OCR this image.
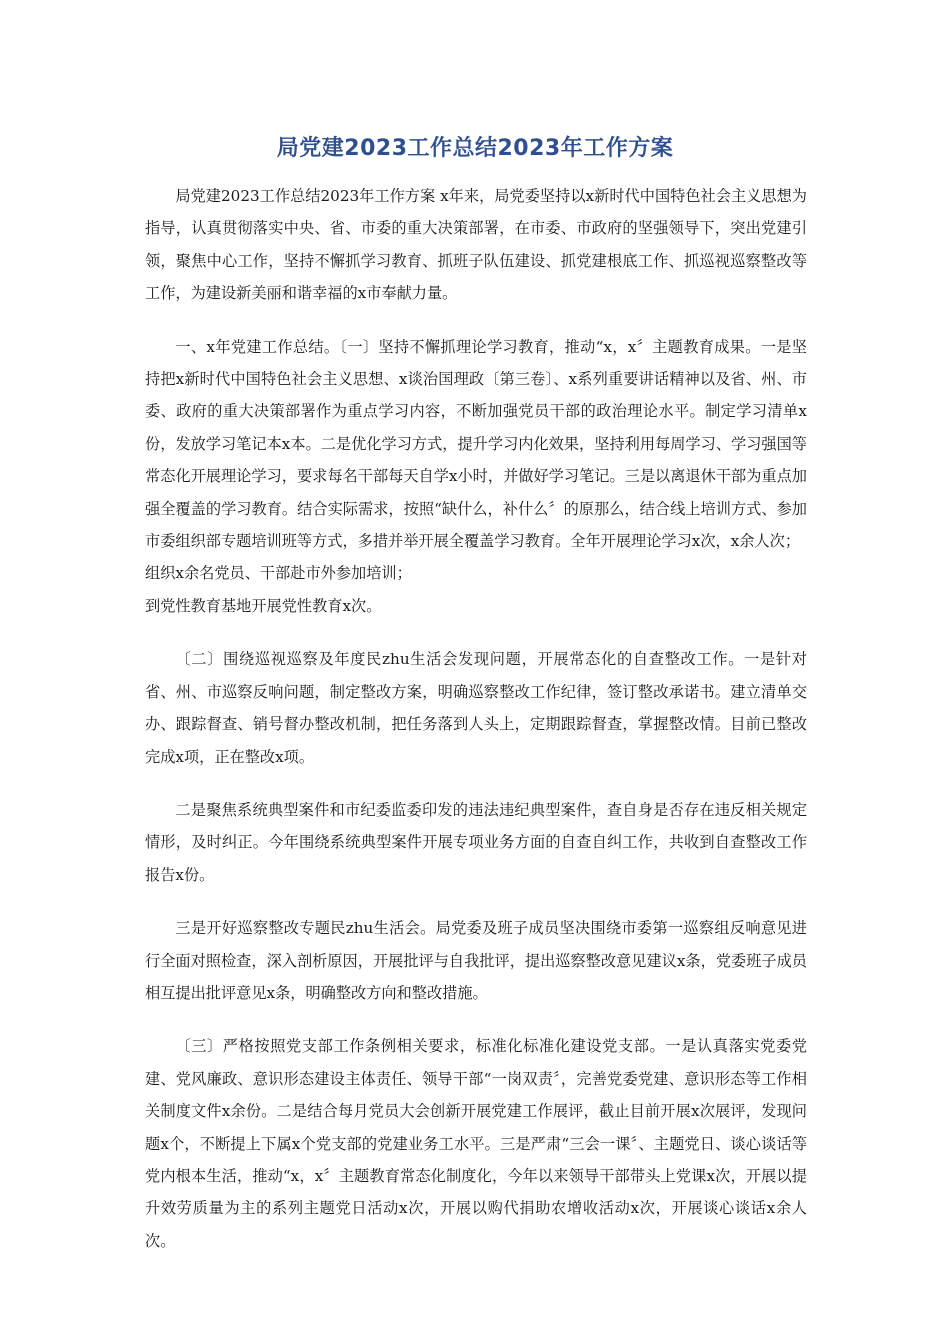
局党建2023工作总结2023年工作方案

局党建2023工作总结2023年工作方案 x年来，局党委坚持以x新时代中国特色社会主义思想为指导，认真贯彻落实中央、省、市委的重大决策部署，在市委、市政府的坚强领导下，突出党建引领，聚焦中心工作，坚持不懈抓学习教育、抓班子队伍建设、抓党建根底工作、抓巡视巡察整改等工作，为建设新美丽和谐幸福的x市奉献力量。

一、x年党建工作总结。〔一〕坚持不懈抓理论学习教育，推动“x，x〞主题教育成果。一是坚持把x新时代中国特色社会主义思想、x谈治国理政〔第三卷〕、x系列重要讲话精神以及省、州、市委、政府的重大决策部署作为重点学习内容，不断加强党员干部的政治理论水平。制定学习清单x份，发放学习笔记本x本。二是优化学习方式，提升学习内化效果，坚持利用每周学习、学习强国等常态化开展理论学习，要求每名干部每天自学x小时，并做好学习笔记。三是以离退休干部为重点加强全覆盖的学习教育。结合实际需求，按照“缺什么，补什么〞的原那么，结合线上培训方式、参加市委组织部专题培训班等方式，多措并举开展全覆盖学习教育。全年开展理论学习x次，x余人次；

组织x余名党员、干部赴市外参加培训；

到党性教育基地开展党性教育x次。

〔二〕围绕巡视巡察及年度民zhu生活会发现问题，开展常态化的自查整改工作。一是针对省、州、市巡察反响问题，制定整改方案，明确巡察整改工作纪律，签订整改承诺书。建立清单交办、跟踪督查、销号督办整改机制，把任务落到人头上，定期跟踪督查，掌握整改情。目前已整改完成x项，正在整改x项。

二是聚焦系统典型案件和市纪委监委印发的违法违纪典型案件，查自身是否存在违反相关规定情形，及时纠正。今年围绕系统典型案件开展专项业务方面的自查自纠工作，共收到自查整改工作报告x份。

三是开好巡察整改专题民zhu生活会。局党委及班子成员坚决围绕市委第一巡察组反响意见进行全面对照检查，深入剖析原因，开展批评与自我批评，提出巡察整改意见建议x条，党委班子成员相互提出批评意见x条，明确整改方向和整改措施。

〔三〕严格按照党支部工作条例相关要求，标准化标准化建设党支部。一是认真落实党委党建、党风廉政、意识形态建设主体责任、领导干部“一岗双责〞，完善党委党建、意识形态等工作相关制度文件x余份。二是结合每月党员大会创新开展党建工作展评，截止目前开展x次展评，发现问题x个，不断提上下属x个党支部的党建业务工水平。三是严肃“三会一课〞、主题党日、谈心谈话等党内根本生活，推动“x，x〞主题教育常态化制度化，今年以来领导干部带头上党课x次，开展以提升效劳质量为主的系列主题党日活动x次，开展以购代捐助农增收活动x次，开展谈心谈话x余人次。
